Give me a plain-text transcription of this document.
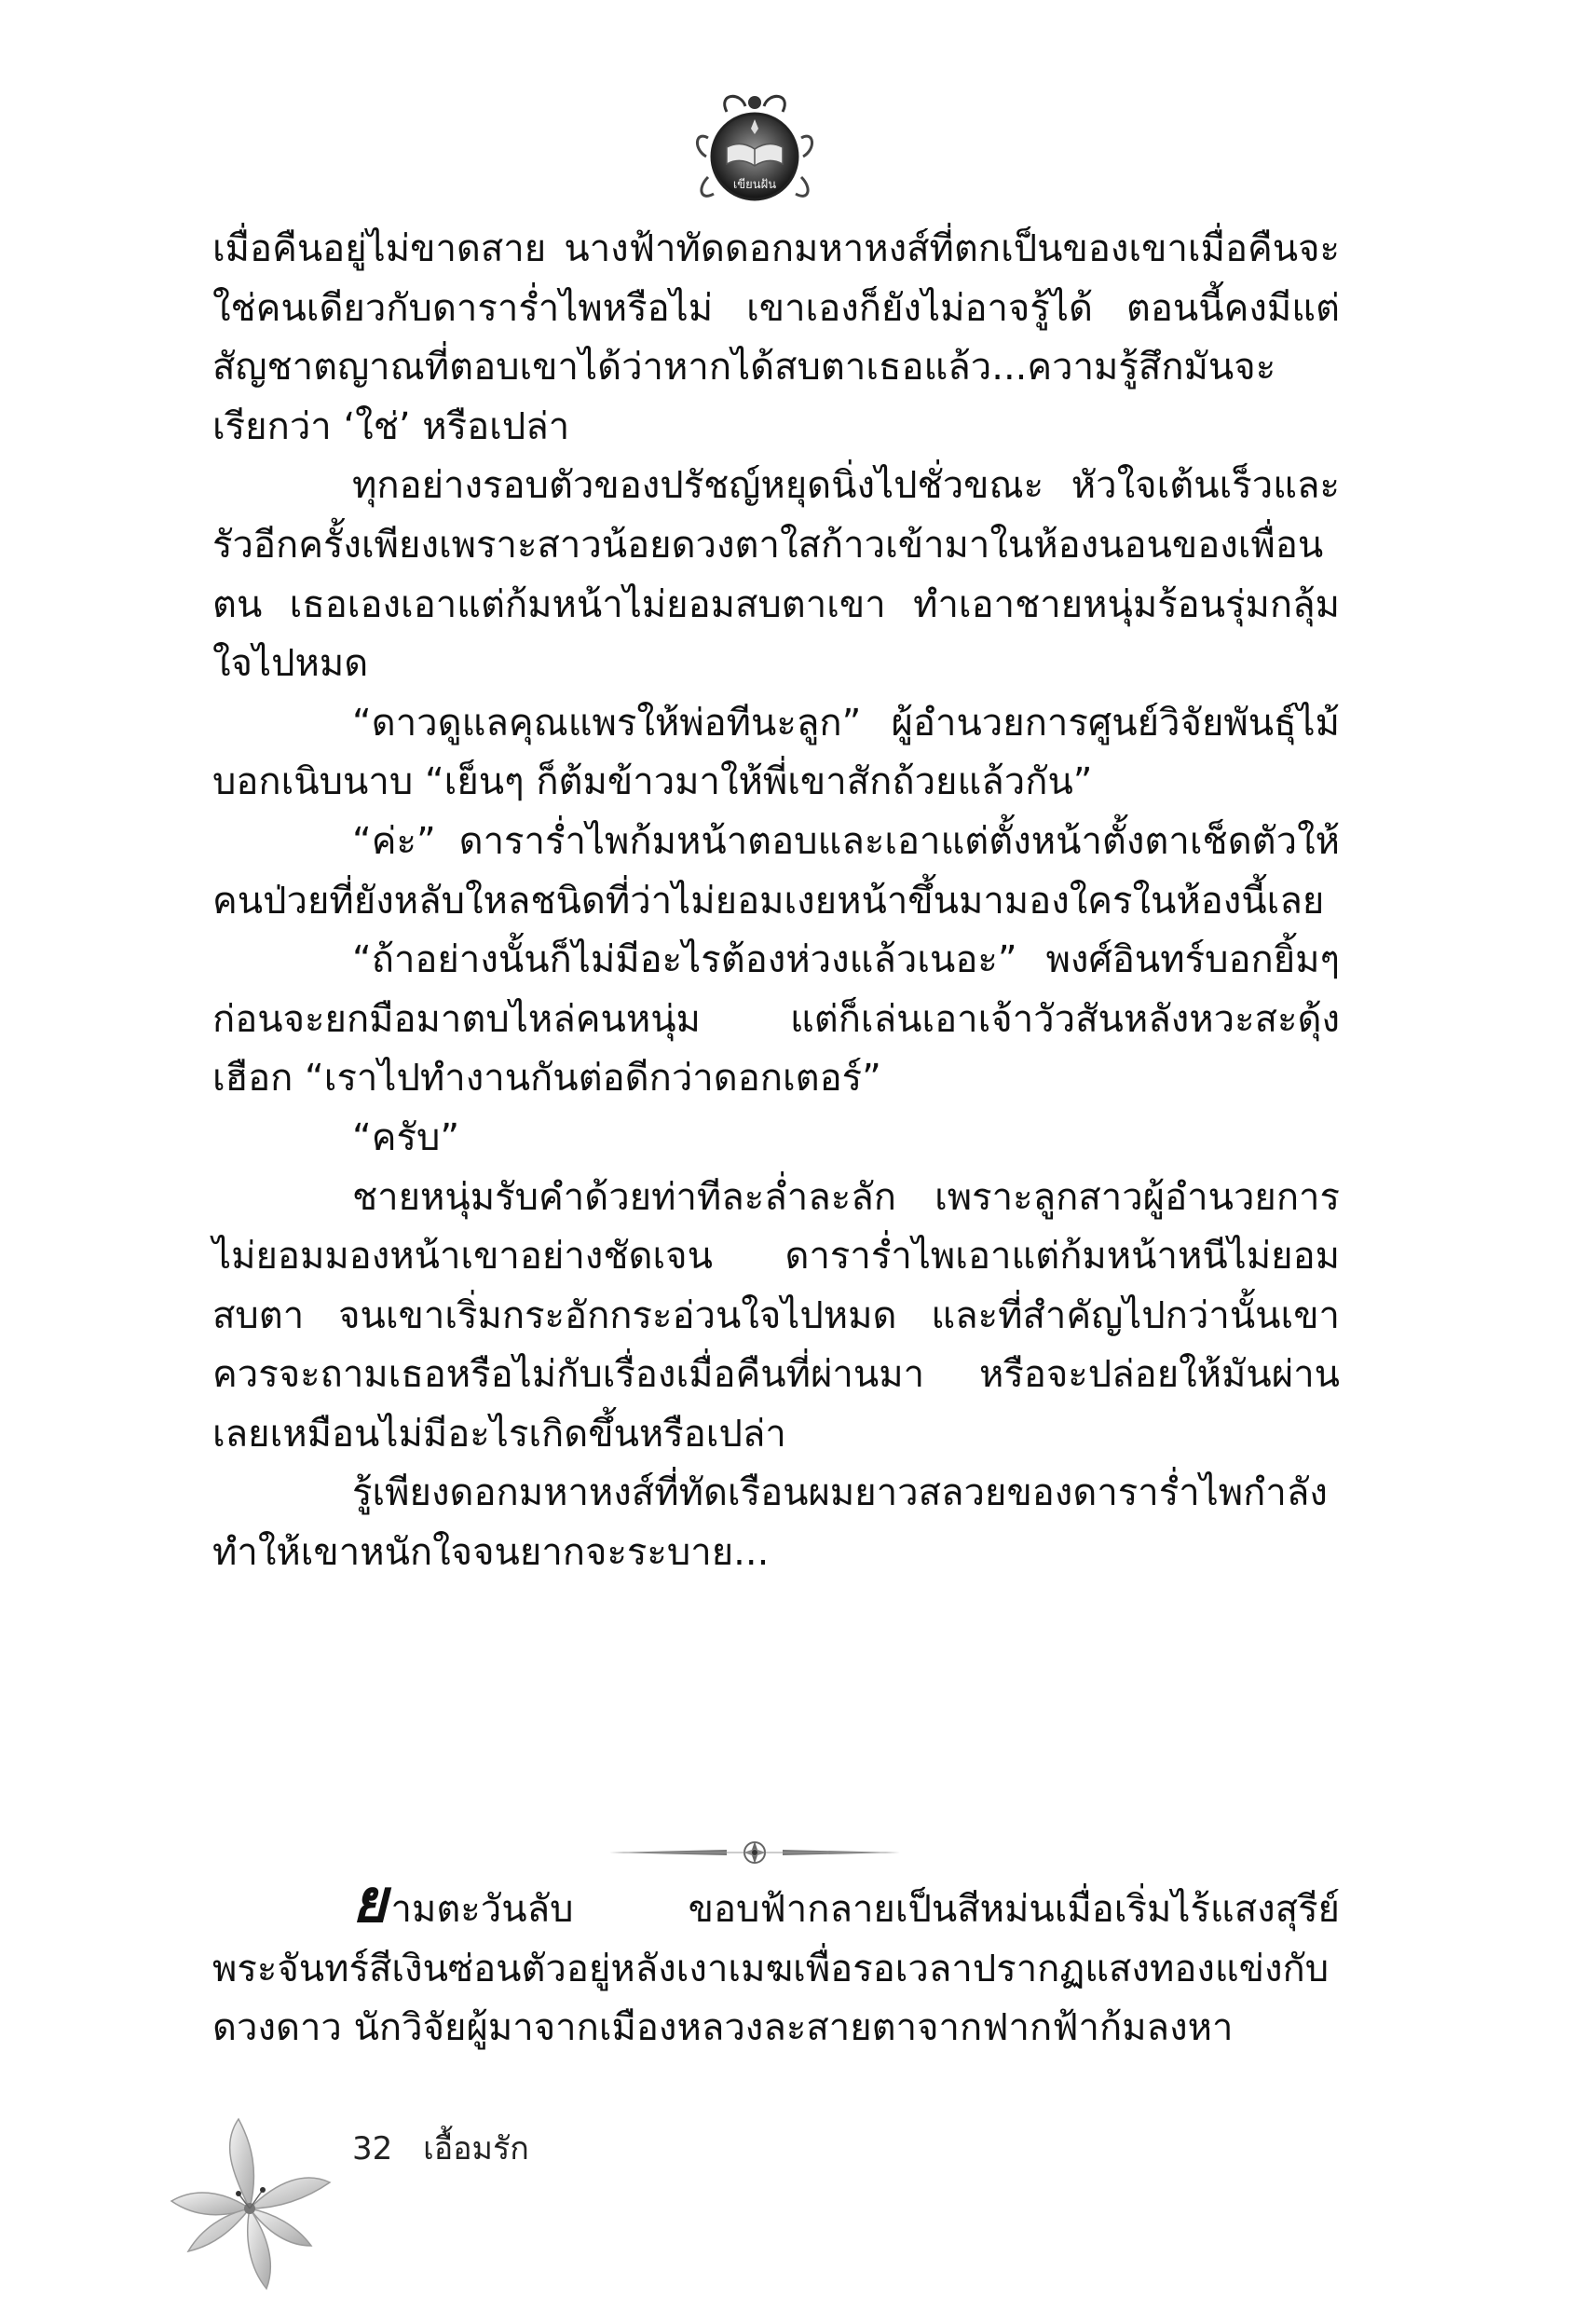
เขียนฝัน

เมื่อคืนอยู่ไม่ขาดสาย นางฟ้าทัดดอกมหาหงส์ที่ตกเป็นของเขาเมื่อคืนจะใช่คนเดียวกับดาราร่ำไพหรือไม่ เขาเองก็ยังไม่อาจรู้ได้ ตอนนี้คงมีแต่สัญชาตญาณที่ตอบเขาได้ว่าหากได้สบตาเธอแล้ว...ความรู้สึกมันจะเรียกว่า ‘ใช่’ หรือเปล่า

ทุกอย่างรอบตัวของปรัชญ์หยุดนิ่งไปชั่วขณะ หัวใจเต้นเร็วและรัวอีกครั้งเพียงเพราะสาวน้อยดวงตาใสก้าวเข้ามาในห้องนอนของเพื่อนตน เธอเองเอาแต่ก้มหน้าไม่ยอมสบตาเขา ทำเอาชายหนุ่มร้อนรุ่มกลุ้มใจไปหมด

“ดาวดูแลคุณแพรให้พ่อทีนะลูก” ผู้อำนวยการศูนย์วิจัยพันธุ์ไม้บอกเนิบนาบ “เย็นๆ ก็ต้มข้าวมาให้พี่เขาสักถ้วยแล้วกัน”

“ค่ะ” ดาราร่ำไพก้มหน้าตอบและเอาแต่ตั้งหน้าตั้งตาเช็ดตัวให้คนป่วยที่ยังหลับใหลชนิดที่ว่าไม่ยอมเงยหน้าขึ้นมามองใครในห้องนี้เลย

“ถ้าอย่างนั้นก็ไม่มีอะไรต้องห่วงแล้วเนอะ” พงศ์อินทร์บอกยิ้มๆ ก่อนจะยกมือมาตบไหล่คนหนุ่ม แต่ก็เล่นเอาเจ้าวัวสันหลังหวะสะดุ้งเฮือก “เราไปทำงานกันต่อดีกว่าดอกเตอร์”

“ครับ”

ชายหนุ่มรับคำด้วยท่าทีละล่ำละลัก เพราะลูกสาวผู้อำนวยการไม่ยอมมองหน้าเขาอย่างชัดเจน ดาราร่ำไพเอาแต่ก้มหน้าหนีไม่ยอมสบตา จนเขาเริ่มกระอักกระอ่วนใจไปหมด และที่สำคัญไปกว่านั้นเขาควรจะถามเธอหรือไม่กับเรื่องเมื่อคืนที่ผ่านมา หรือจะปล่อยให้มันผ่านเลยเหมือนไม่มีอะไรเกิดขึ้นหรือเปล่า

รู้เพียงดอกมหาหงส์ที่ทัดเรือนผมยาวสลวยของดาราร่ำไพกำลังทำให้เขาหนักใจจนยากจะระบาย...

ยามตะวันลับ ขอบฟ้ากลายเป็นสีหม่นเมื่อเริ่มไร้แสงสุรีย์ พระจันทร์สีเงินซ่อนตัวอยู่หลังเงาเมฆเพื่อรอเวลาปรากฏแสงทองแข่งกับดวงดาว นักวิจัยผู้มาจากเมืองหลวงละสายตาจากฟากฟ้าก้มลงหา

32 เอื้อมรัก
